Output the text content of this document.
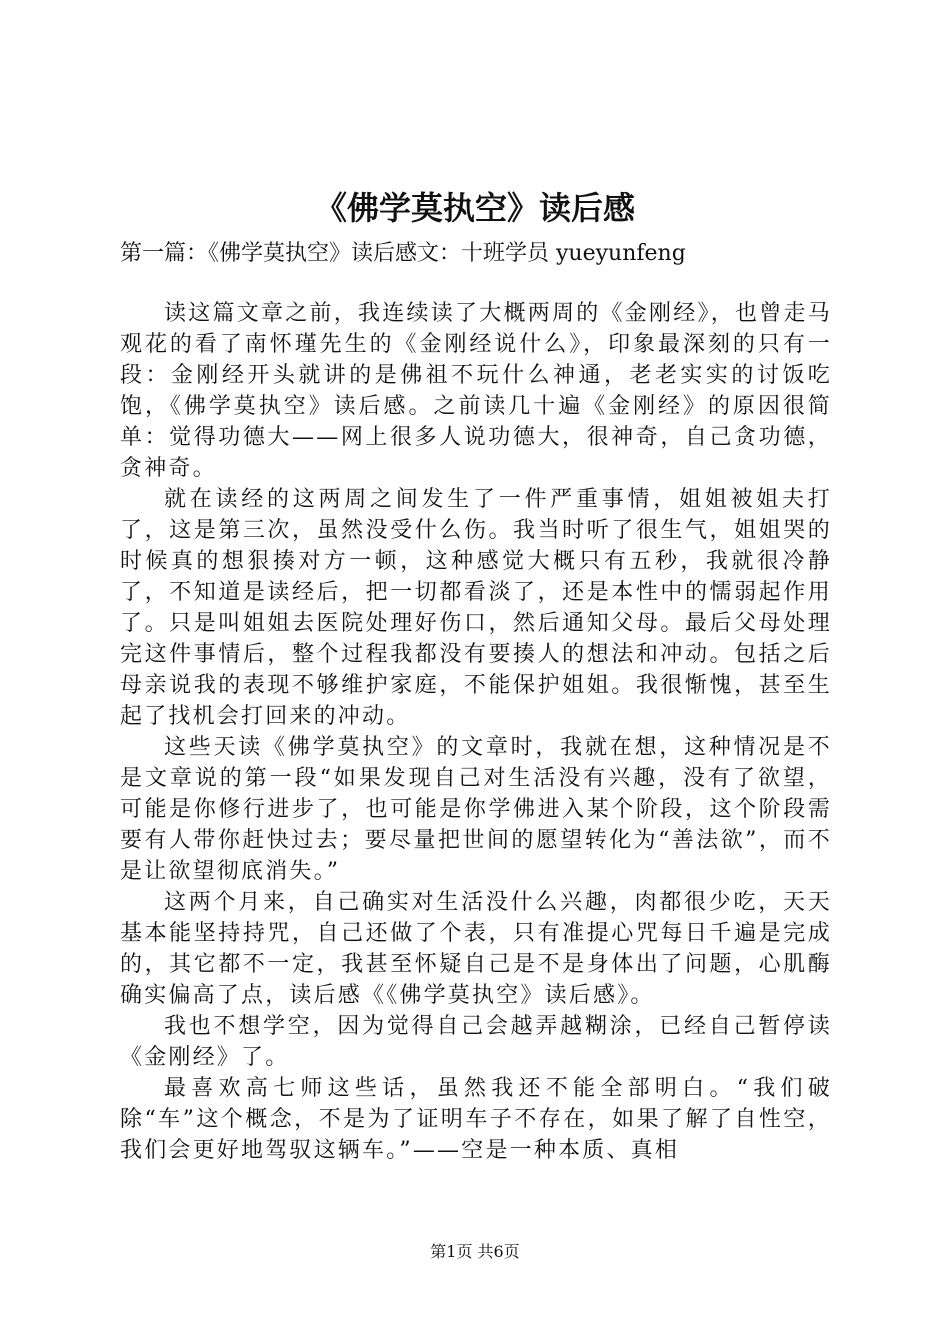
《佛学莫执空》读后感

第一篇：《佛学莫执空》读后感文：十班学员 yueyunfeng

读这篇文章之前，我连续读了大概两周的《金刚经》，也曾走马观花的看了南怀瑾先生的《金刚经说什么》，印象最深刻的只有一段：金刚经开头就讲的是佛祖不玩什么神通，老老实实的讨饭吃饱，《佛学莫执空》读后感。之前读几十遍《金刚经》的原因很简单：觉得功德大——网上很多人说功德大，很神奇，自己贪功德，贪神奇。

就在读经的这两周之间发生了一件严重事情，姐姐被姐夫打了，这是第三次，虽然没受什么伤。我当时听了很生气，姐姐哭的时候真的想狠揍对方一顿，这种感觉大概只有五秒，我就很冷静了，不知道是读经后，把一切都看淡了，还是本性中的懦弱起作用了。只是叫姐姐去医院处理好伤口，然后通知父母。最后父母处理完这件事情后，整个过程我都没有要揍人的想法和冲动。包括之后母亲说我的表现不够维护家庭，不能保护姐姐。我很惭愧，甚至生起了找机会打回来的冲动。

这些天读《佛学莫执空》的文章时，我就在想，这种情况是不是文章说的第一段“如果发现自己对生活没有兴趣，没有了欲望，可能是你修行进步了，也可能是你学佛进入某个阶段，这个阶段需要有人带你赶快过去；要尽量把世间的愿望转化为“善法欲”，而不是让欲望彻底消失。”

这两个月来，自己确实对生活没什么兴趣，肉都很少吃，天天基本能坚持持咒，自己还做了个表，只有准提心咒每日千遍是完成的，其它都不一定，我甚至怀疑自己是不是身体出了问题，心肌酶确实偏高了点，读后感《《佛学莫执空》读后感》。

我也不想学空，因为觉得自己会越弄越糊涂，已经自己暂停读《金刚经》了。

最喜欢高七师这些话，虽然我还不能全部明白。“我们破除“车”这个概念，不是为了证明车子不存在，如果了解了自性空，我们会更好地驾驭这辆车。”——空是一种本质、真相

第1页 共6页
